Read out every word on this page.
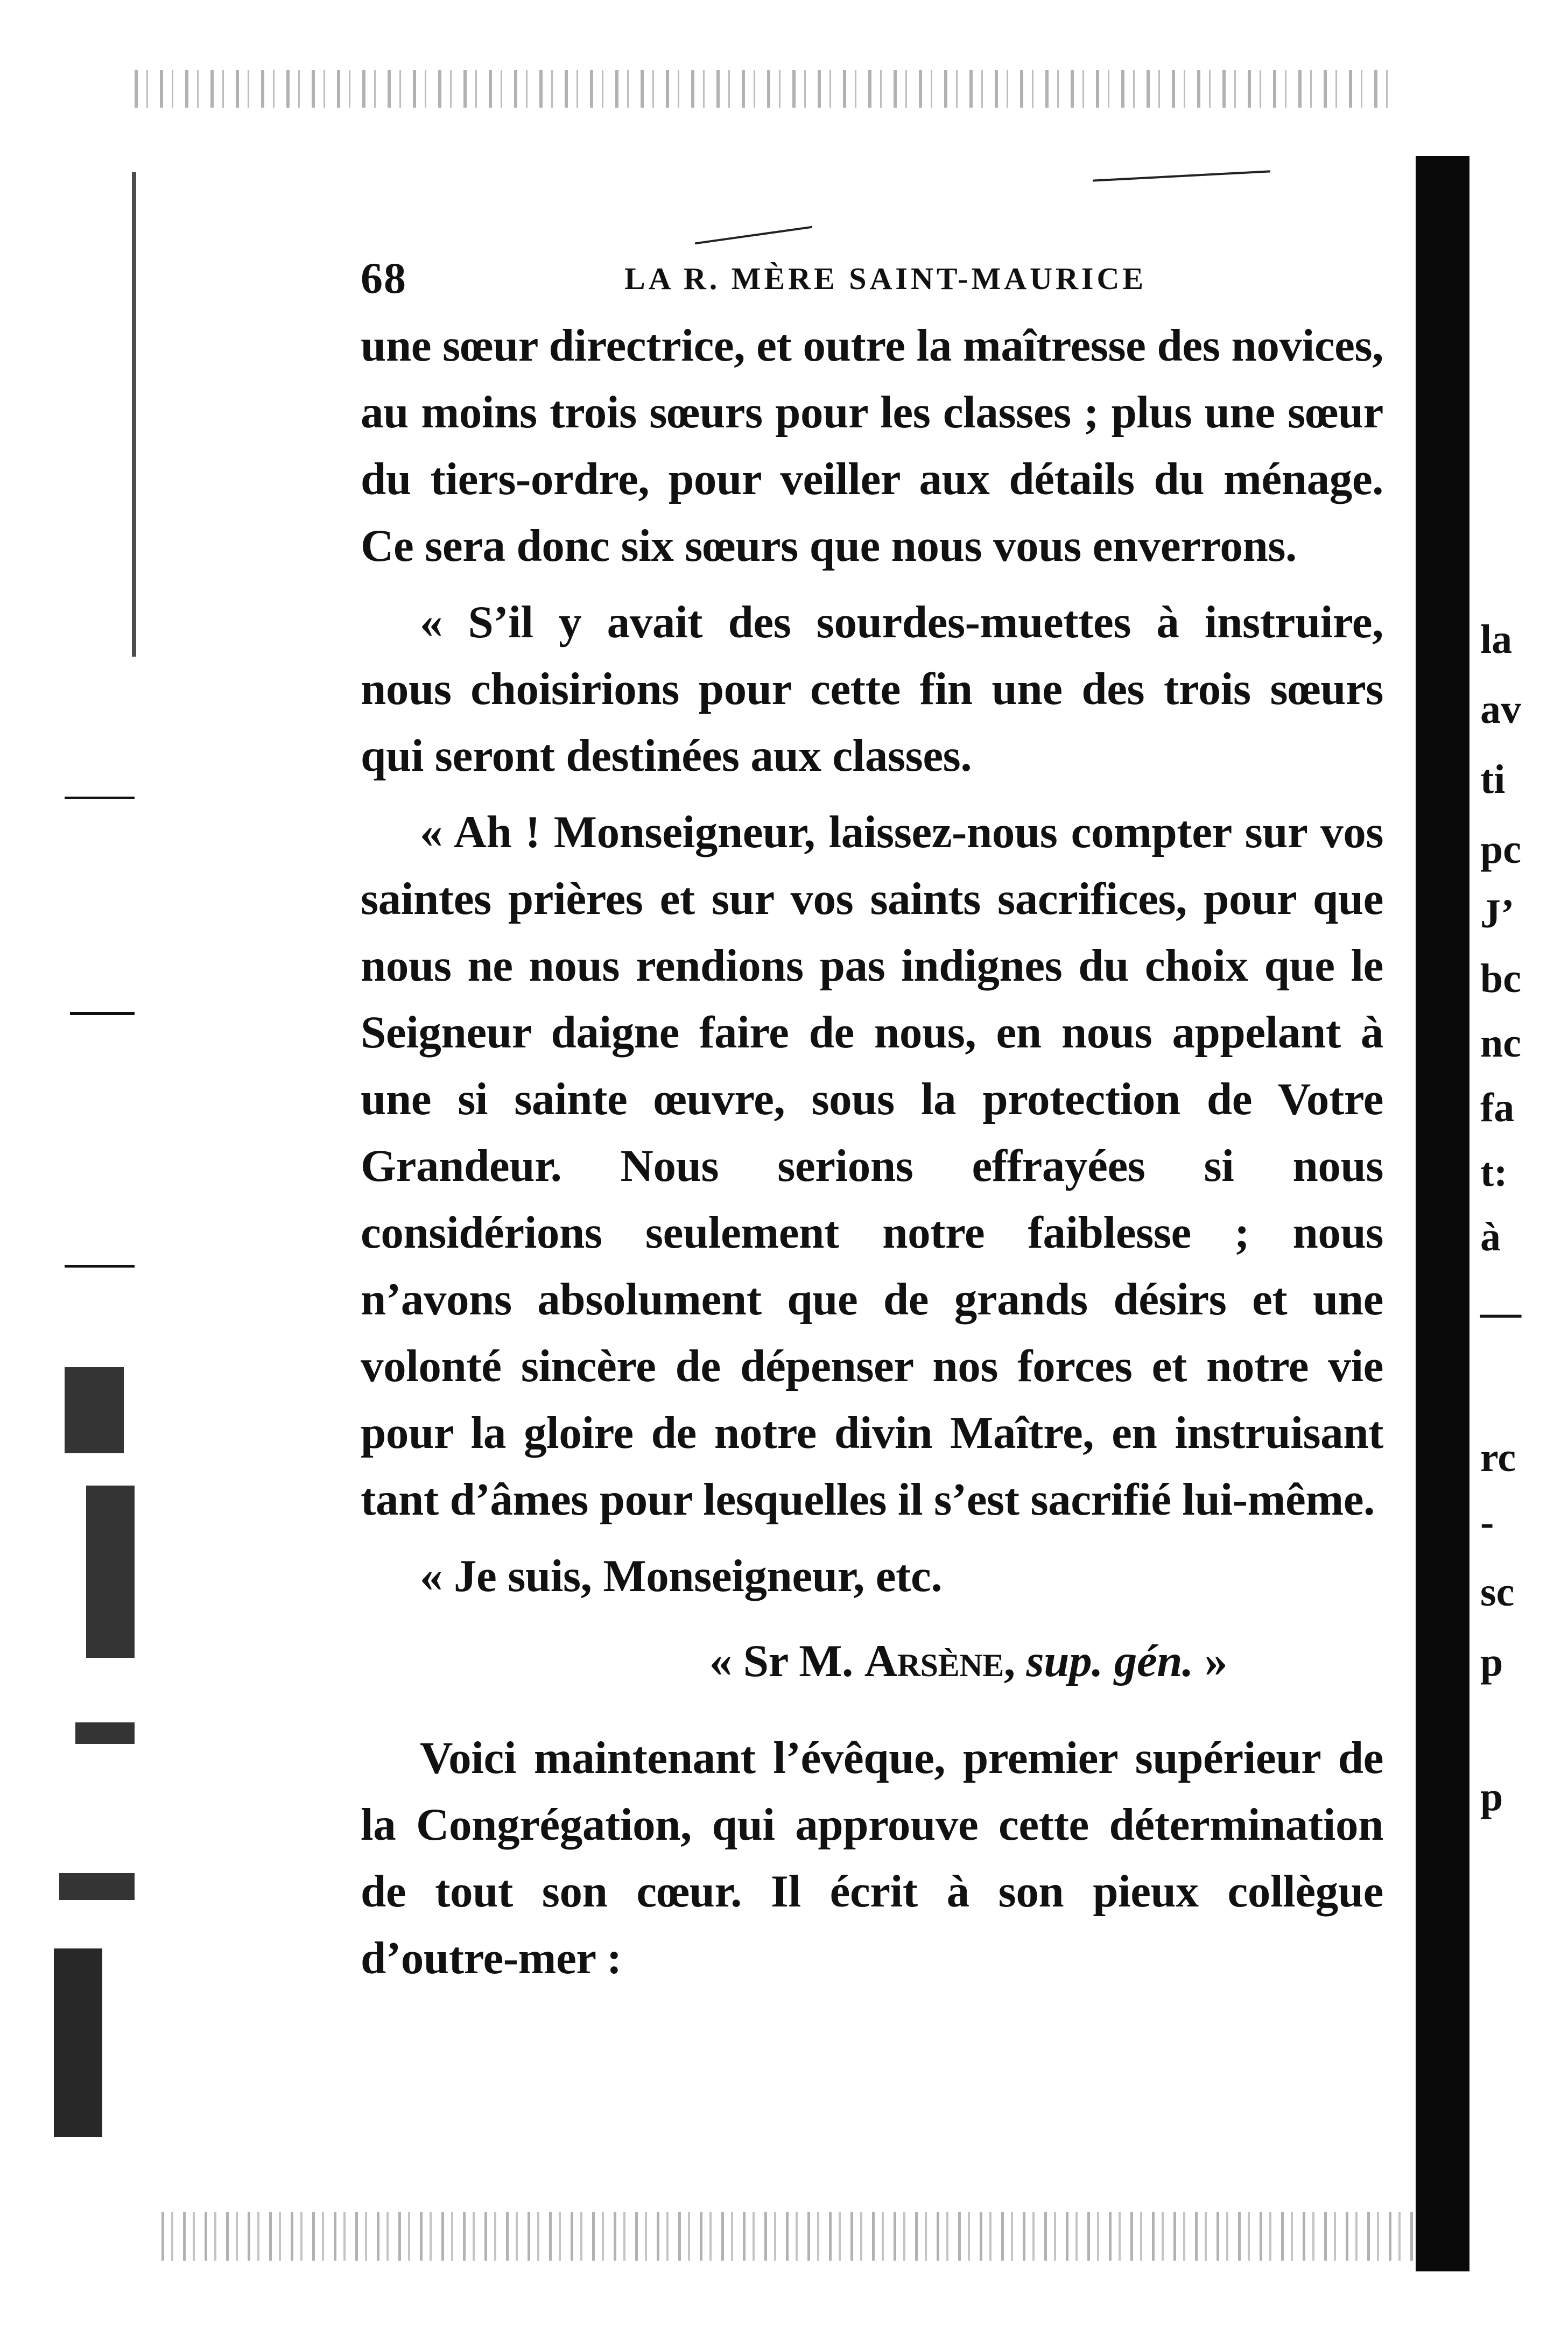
la
av
ti
pc
J’
bc
nc
fa
t:
à
—
rc
-
sc
p
p
68	LA R. MÈRE SAINT-MAURICE

une sœur directrice, et outre la maîtresse des novices, au moins trois sœurs pour les classes ; plus une sœur du tiers-ordre, pour veiller aux détails du ménage. Ce sera donc six sœurs que nous vous enverrons.

« S’il y avait des sourdes-muettes à instruire, nous choisirions pour cette fin une des trois sœurs qui seront destinées aux classes.

« Ah ! Monseigneur, laissez-nous compter sur vos saintes prières et sur vos saints sacrifices, pour que nous ne nous rendions pas indignes du choix que le Seigneur daigne faire de nous, en nous appelant à une si sainte œuvre, sous la protection de Votre Grandeur. Nous serions effrayées si nous considérions seulement notre faiblesse ; nous n’avons absolument que de grands désirs et une volonté sincère de dépenser nos forces et notre vie pour la gloire de notre divin Maître, en instruisant tant d’âmes pour lesquelles il s’est sacrifié lui-même.

« Je suis, Monseigneur, etc.

« Sr M. Arsène, sup. gén. »

Voici maintenant l’évêque, premier supérieur de la Congrégation, qui approuve cette détermination de tout son cœur. Il écrit à son pieux collègue d’outre-mer :
